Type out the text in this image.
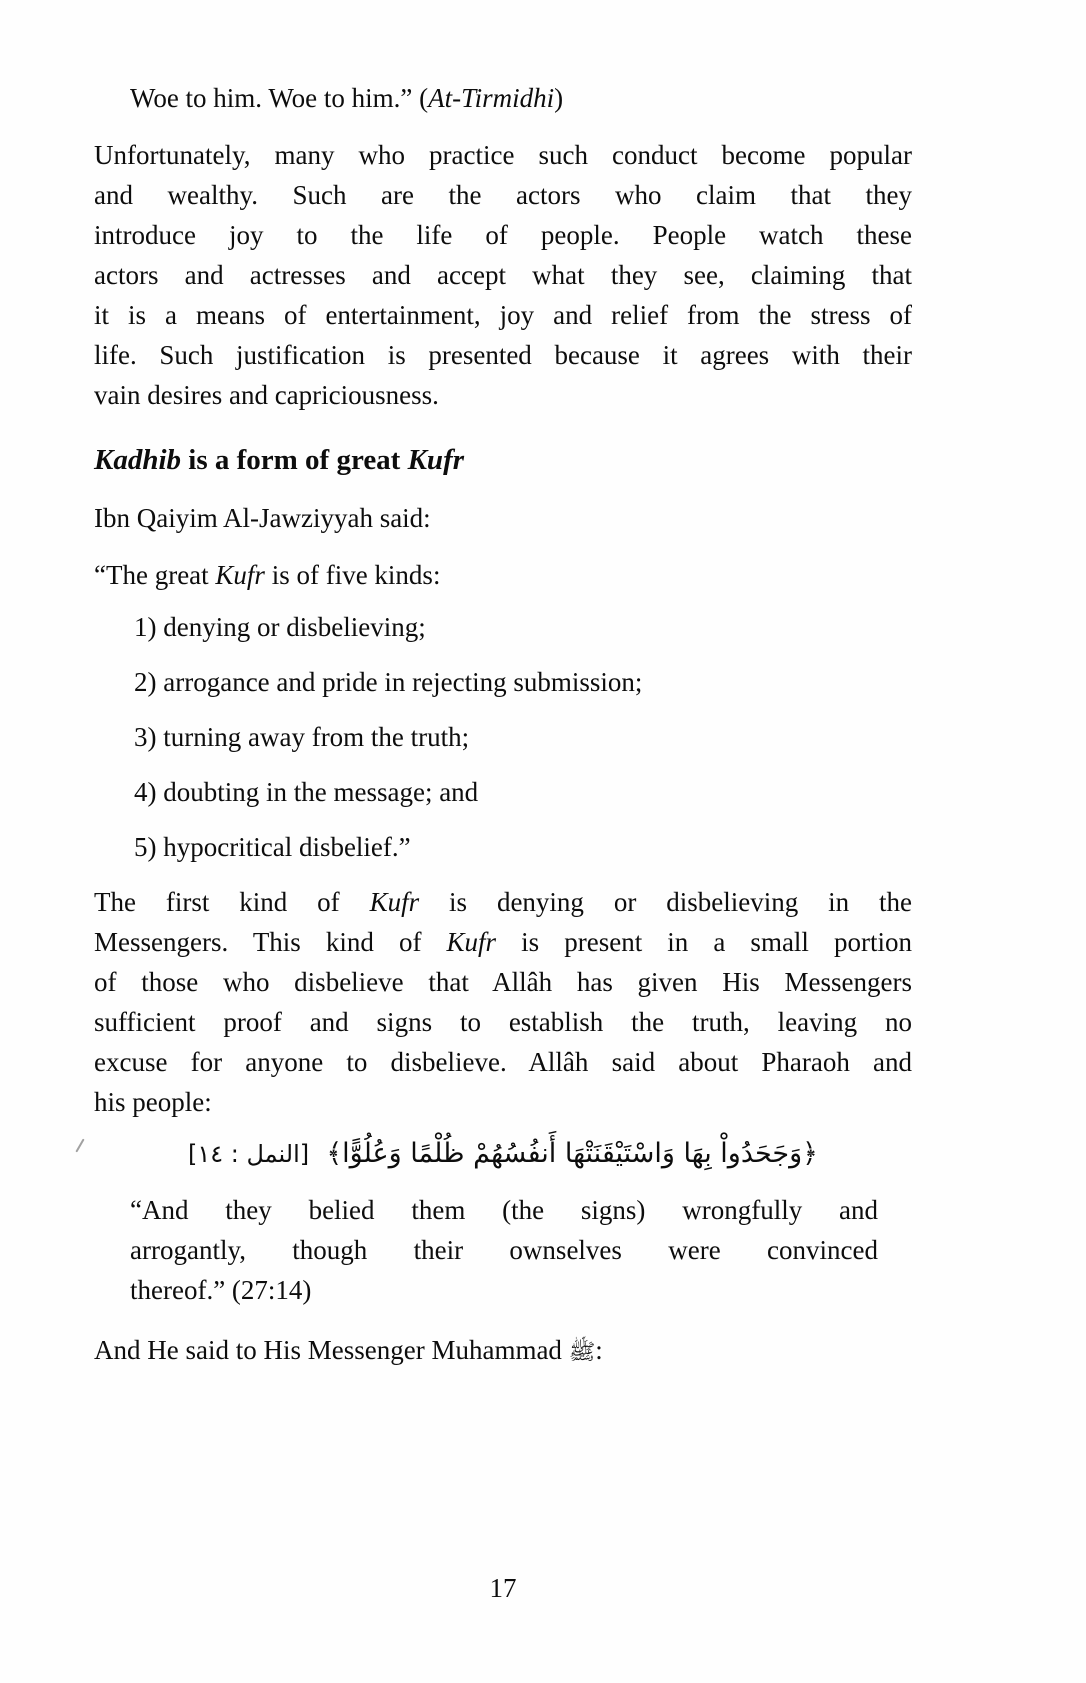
Woe to him. Woe to him.” (At-Tirmidhi)
Unfortunately, many who practice such conduct become popular
and wealthy. Such are the actors who claim that they
introduce joy to the life of people. People watch these
actors and actresses and accept what they see, claiming that
it is a means of entertainment, joy and relief from the stress of
life. Such justification is presented because it agrees with their
vain desires and capriciousness.
Kadhib is a form of great Kufr
Ibn Qaiyim Al-Jawziyyah said:
“The great Kufr is of five kinds:
1) denying or disbelieving;
2) arrogance and pride in rejecting submission;
3) turning away from the truth;
4) doubting in the message; and
5) hypocritical disbelief.”
The first kind of Kufr is denying or disbelieving in the
Messengers. This kind of Kufr is present in a small portion
of those who disbelieve that Allâh has given His Messengers
sufficient proof and signs to establish the truth, leaving no
excuse for anyone to disbelieve. Allâh said about Pharaoh and
his people:
﴿وَجَحَدُواْ بِهَا وَاسْتَيْقَنَتْهَا أَنفُسُهُمْ ظُلْمًا وَعُلُوًّا﴾  [النمل : ١٤]
“And they belied them (the signs) wrongfully and
arrogantly, though their ownselves were convinced
thereof.” (27:14)
And He said to His Messenger Muhammad ﷺ:
17
